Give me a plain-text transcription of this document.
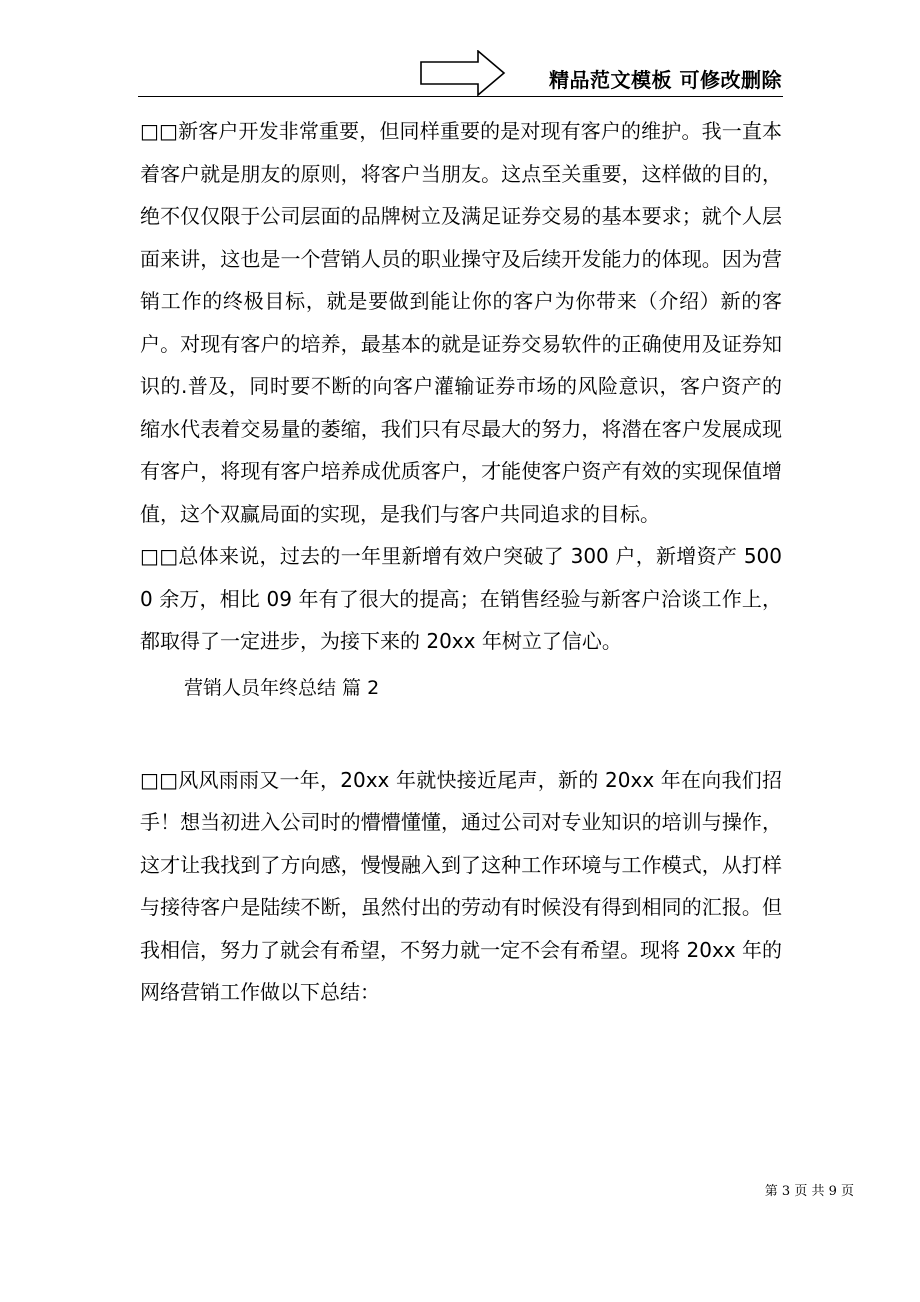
精品范文模板 可修改删除

□□新客户开发非常重要，但同样重要的是对现有客户的维护。我一直本着客户就是朋友的原则，将客户当朋友。这点至关重要，这样做的目的，绝不仅仅限于公司层面的品牌树立及满足证券交易的基本要求；就个人层面来讲，这也是一个营销人员的职业操守及后续开发能力的体现。因为营销工作的终极目标，就是要做到能让你的客户为你带来（介绍）新的客户。对现有客户的培养，最基本的就是证券交易软件的正确使用及证券知识的.普及，同时要不断的向客户灌输证券市场的风险意识，客户资产的缩水代表着交易量的萎缩，我们只有尽最大的努力，将潜在客户发展成现有客户，将现有客户培养成优质客户，才能使客户资产有效的实现保值增值，这个双赢局面的实现，是我们与客户共同追求的目标。

□□总体来说，过去的一年里新增有效户突破了 300 户，新增资产 5000 余万，相比 09 年有了很大的提高；在销售经验与新客户洽谈工作上，都取得了一定进步，为接下来的 20xx 年树立了信心。

营销人员年终总结 篇 2

□□风风雨雨又一年，20xx 年就快接近尾声，新的 20xx 年在向我们招手！想当初进入公司时的懵懵懂懂，通过公司对专业知识的培训与操作，这才让我找到了方向感，慢慢融入到了这种工作环境与工作模式，从打样与接待客户是陆续不断，虽然付出的劳动有时候没有得到相同的汇报。但我相信，努力了就会有希望，不努力就一定不会有希望。现将 20xx 年的网络营销工作做以下总结：

第 3 页 共 9 页
